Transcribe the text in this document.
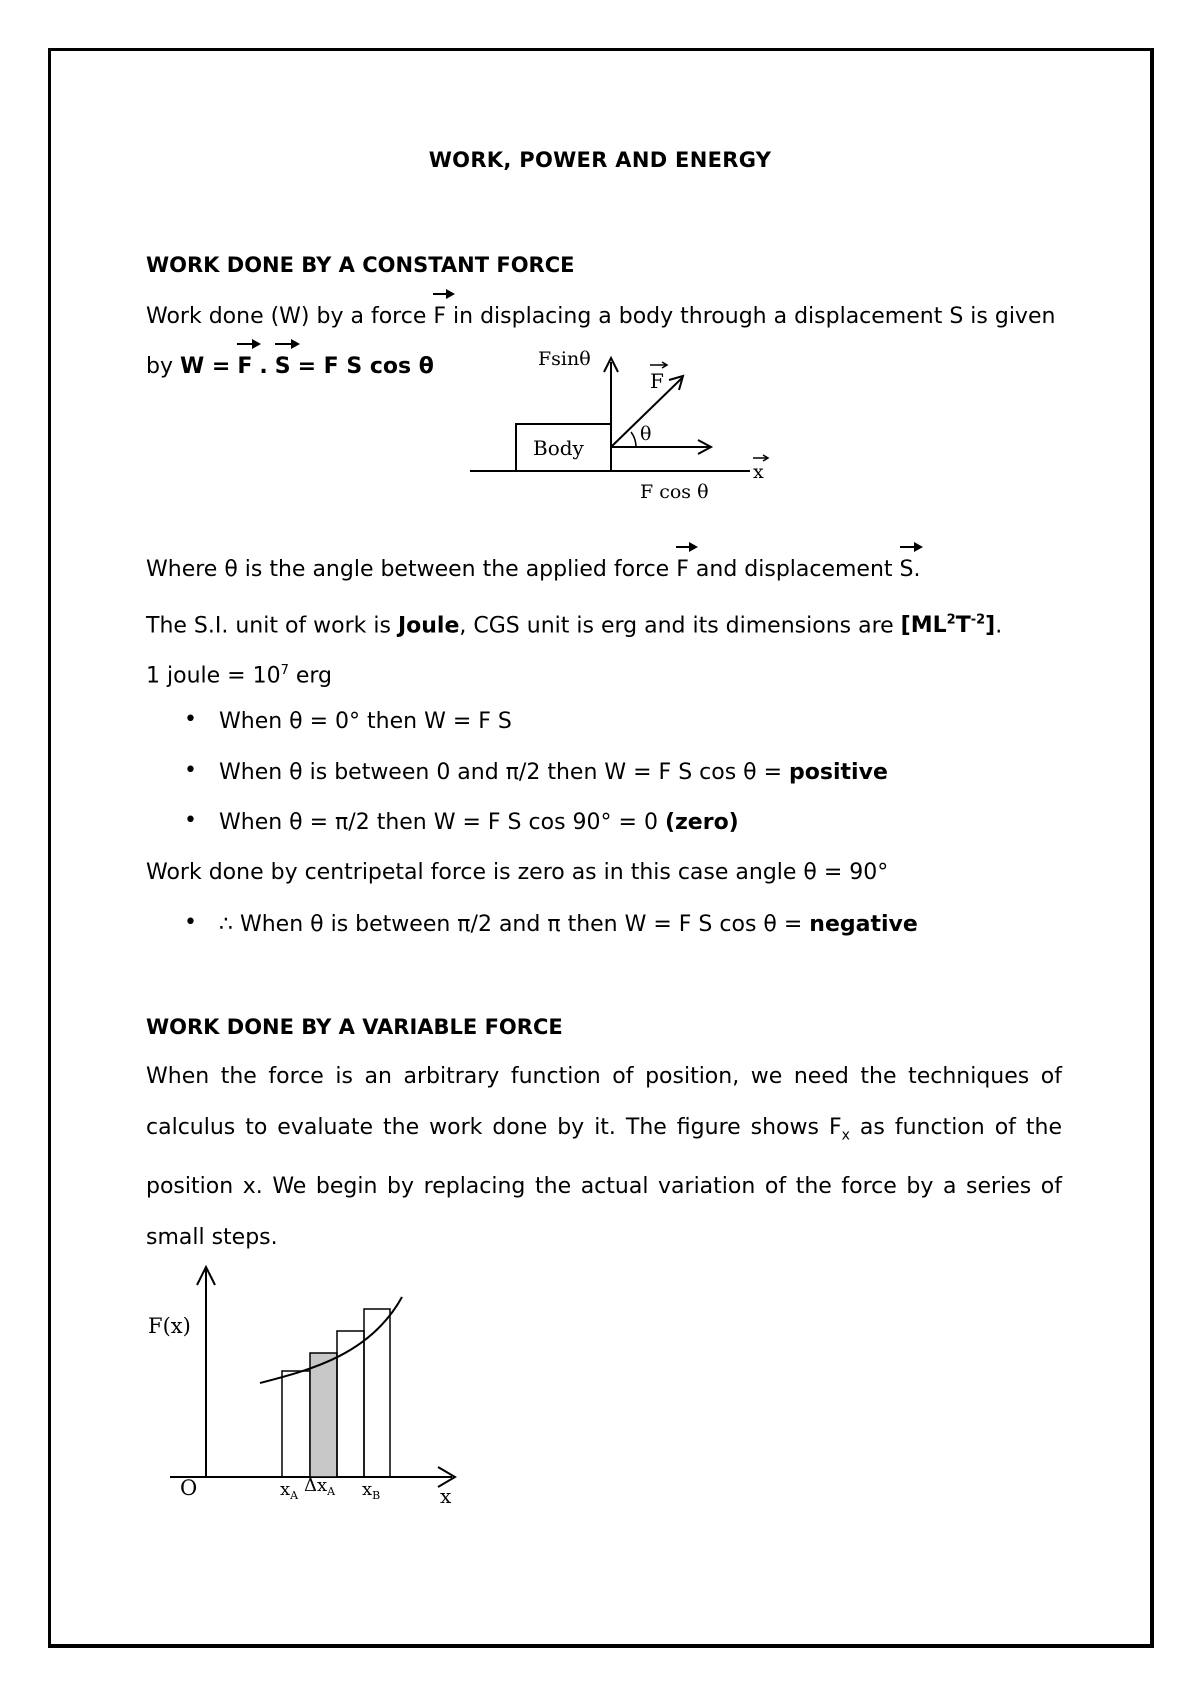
WORK, POWER AND ENERGY
WORK DONE BY A CONSTANT FORCE
Work done (W) by a force F in displacing a body through a displacement S is given
by W = F . S = F S cos θ
Body
Fsinθ
F
θ
F cos θ
x
Where θ is the angle between the applied force F and displacement S.
The S.I. unit of work is Joule, CGS unit is erg and its dimensions are $[ML^2T^{-2}]$.
1 joule = $10^7$ erg
• When θ = 0° then W = F S
• When θ is between 0 and π/2 then W = F S cos θ = positive
• When θ = π/2 then W = F S cos 90° = 0 (zero)
Work done by centripetal force is zero as in this case angle θ = 90°
• ∴ When θ is between π/2 and π then W = F S cos θ = negative
WORK DONE BY A VARIABLE FORCE
When the force is an arbitrary function of position, we need the techniques of calculus to evaluate the work done by it. The figure shows $F_x$ as function of the position x. We begin by replacing the actual variation of the force by a series of small steps.
F(x)
O	$x_A$ $\Delta x_A$ $x_B$	x
